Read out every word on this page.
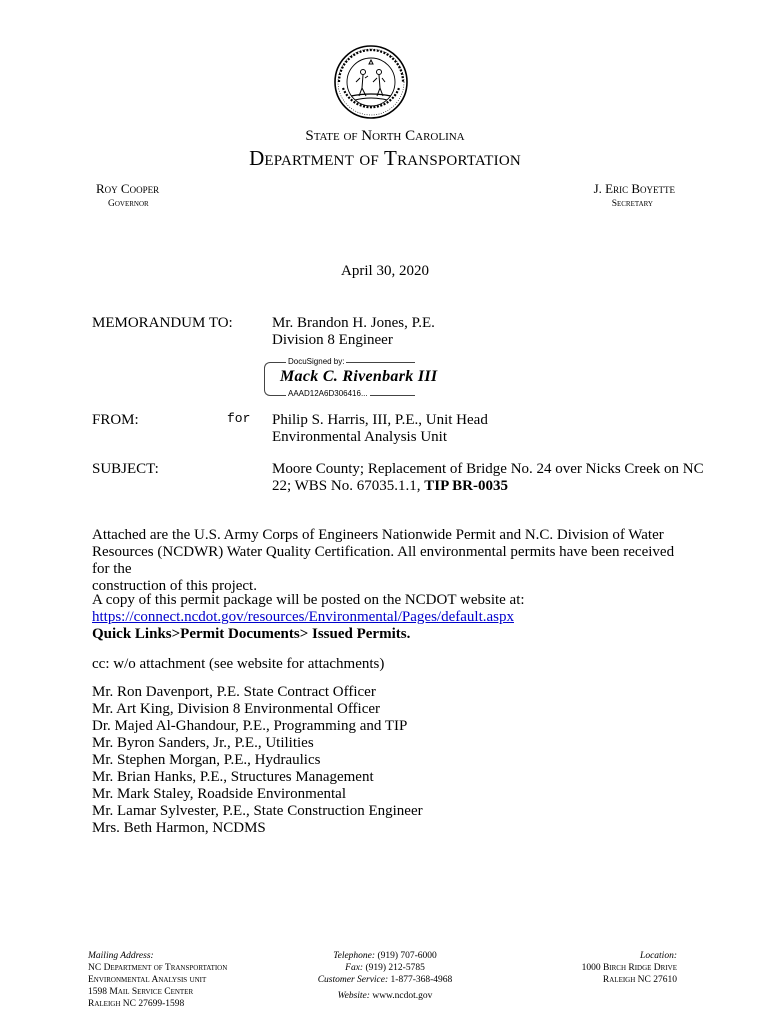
State of North Carolina
Department of Transportation
Roy Cooper
Governor
J. Eric Boyette
Secretary
April 30, 2020
MEMORANDUM TO:	Mr. Brandon H. Jones, P.E.
Division 8 Engineer
DocuSigned by:
Mack C. Rivenbark III
AAAD12A6D306416...
FROM:	for Philip S. Harris, III, P.E., Unit Head
Environmental Analysis Unit
SUBJECT:	Moore County; Replacement of Bridge No. 24 over Nicks Creek on NC
22; WBS No. 67035.1.1, TIP BR-0035
Attached are the U.S. Army Corps of Engineers Nationwide Permit and N.C. Division of Water
Resources (NCDWR) Water Quality Certification. All environmental permits have been received for the
construction of this project.
A copy of this permit package will be posted on the NCDOT website at:
https://connect.ncdot.gov/resources/Environmental/Pages/default.aspx
Quick Links>Permit Documents> Issued Permits.
cc: w/o attachment (see website for attachments)
Mr. Ron Davenport, P.E. State Contract Officer
Mr. Art King, Division 8 Environmental Officer
Dr. Majed Al-Ghandour, P.E., Programming and TIP
Mr. Byron Sanders, Jr., P.E., Utilities
Mr. Stephen Morgan, P.E., Hydraulics
Mr. Brian Hanks, P.E., Structures Management
Mr. Mark Staley, Roadside Environmental
Mr. Lamar Sylvester, P.E., State Construction Engineer
Mrs. Beth Harmon, NCDMS
Mailing Address:
NC Department of Transportation
Environmental Analysis unit
1598 Mail Service Center
Raleigh NC 27699-1598
Telephone: (919) 707-6000
Fax: (919) 212-5785
Customer Service: 1-877-368-4968
Website: www.ncdot.gov
Location:
1000 Birch Ridge Drive
Raleigh NC 27610
